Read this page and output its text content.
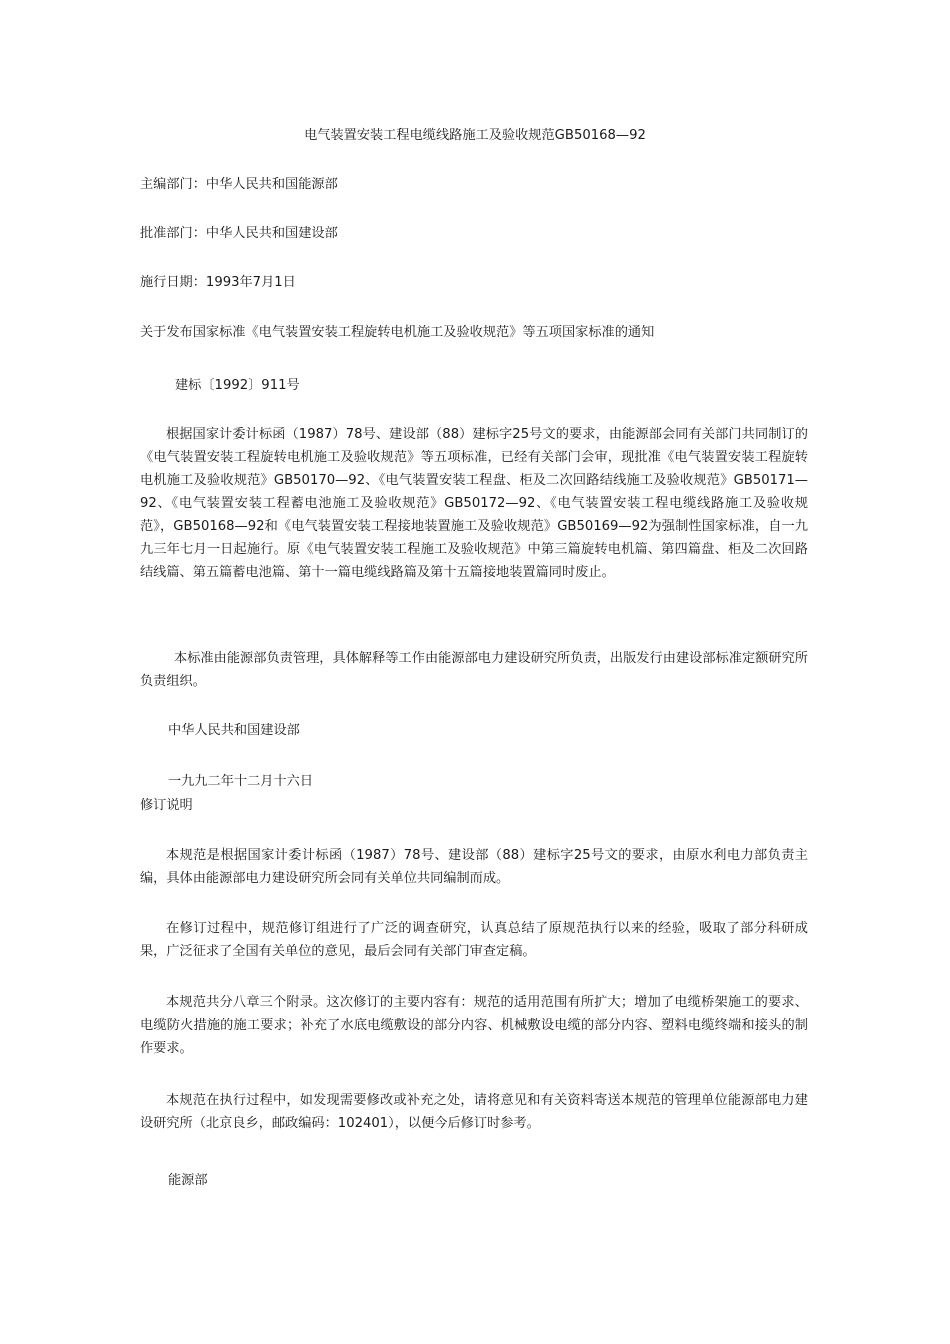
电气装置安装工程电缆线路施工及验收规范GB50168—92

主编部门：中华人民共和国能源部

批准部门：中华人民共和国建设部

施行日期：1993年7月1日

关于发布国家标准《电气装置安装工程旋转电机施工及验收规范》等五项国家标准的通知

建标〔1992〕911号

根据国家计委计标函（1987）78号、建设部（88）建标字25号文的要求，由能源部会同有关部门共同制订的《电气装置安装工程旋转电机施工及验收规范》等五项标准，已经有关部门会审，现批准《电气装置安装工程旋转电机施工及验收规范》GB50170—92、《电气装置安装工程盘、柜及二次回路结线施工及验收规范》GB50171—92、《电气装置安装工程蓄电池施工及验收规范》GB50172—92、《电气装置安装工程电缆线路施工及验收规范》，GB50168—92和《电气装置安装工程接地装置施工及验收规范》GB50169—92为强制性国家标准，自一九九三年七月一日起施行。原《电气装置安装工程施工及验收规范》中第三篇旋转电机篇、第四篇盘、柜及二次回路结线篇、第五篇蓄电池篇、第十一篇电缆线路篇及第十五篇接地装置篇同时废止。

本标准由能源部负责管理，具体解释等工作由能源部电力建设研究所负责，出版发行由建设部标准定额研究所负责组织。

中华人民共和国建设部

一九九二年十二月十六日

修订说明

本规范是根据国家计委计标函（1987）78号、建设部（88）建标字25号文的要求，由原水利电力部负责主编，具体由能源部电力建设研究所会同有关单位共同编制而成。

在修订过程中，规范修订组进行了广泛的调查研究，认真总结了原规范执行以来的经验，吸取了部分科研成果，广泛征求了全国有关单位的意见，最后会同有关部门审查定稿。

本规范共分八章三个附录。这次修订的主要内容有：规范的适用范围有所扩大；增加了电缆桥架施工的要求、电缆防火措施的施工要求；补充了水底电缆敷设的部分内容、机械敷设电缆的部分内容、塑料电缆终端和接头的制作要求。

本规范在执行过程中，如发现需要修改或补充之处，请将意见和有关资料寄送本规范的管理单位能源部电力建设研究所（北京良乡，邮政编码：102401），以便今后修订时参考。

能源部
